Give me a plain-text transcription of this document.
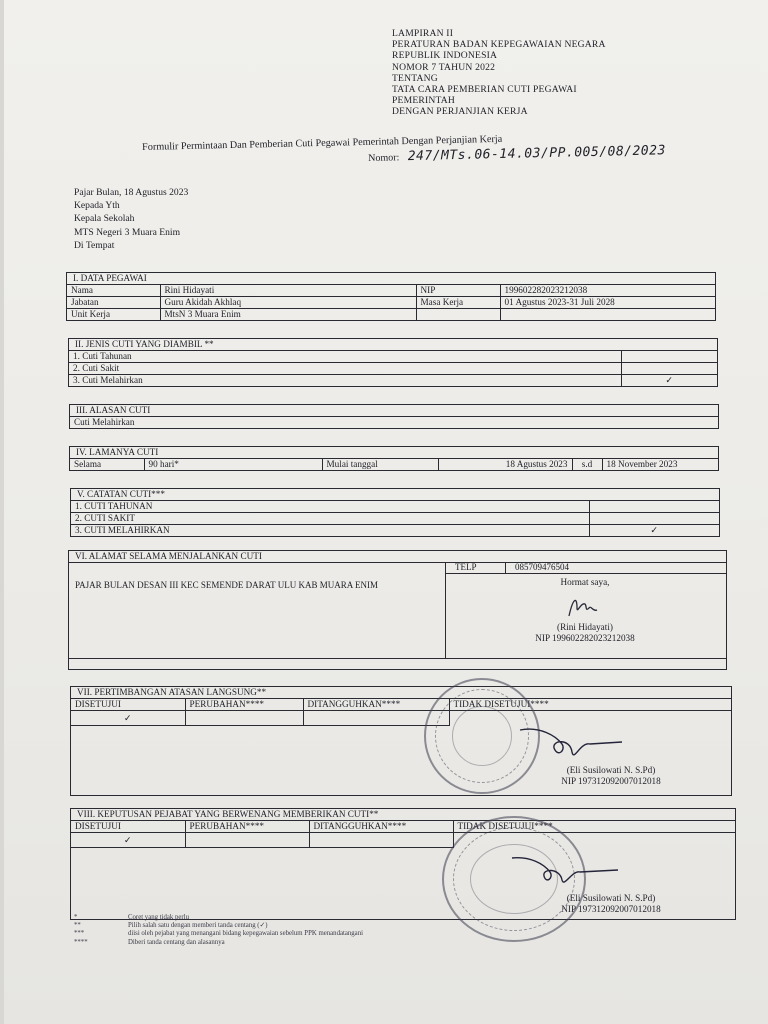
LAMPIRAN II
PERATURAN BADAN KEPEGAWAIAN NEGARA
REPUBLIK INDONESIA
NOMOR 7 TAHUN 2022
TENTANG
TATA CARA PEMBERIAN CUTI PEGAWAI
PEMERINTAH
DENGAN PERJANJIAN KERJA
Formulir Permintaan Dan Pemberian Cuti Pegawai Pemerintah Dengan Perjanjian Kerja
Nomor: 247/MTs.06-14.03/PP.005/08/2023
Pajar Bulan, 18 Agustus 2023
Kepada Yth
Kepala Sekolah
MTS Negeri 3 Muara Enim
Di Tempat
I. DATA PEGAWAI
Nama	Rini Hidayati	NIP	199602282023212038
Jabatan	Guru Akidah Akhlaq	Masa Kerja	01 Agustus 2023-31 Juli 2028
Unit Kerja	MtsN 3 Muara Enim		
II. JENIS CUTI YANG DIAMBIL **
1. Cuti Tahunan	
2. Cuti Sakit	
3. Cuti Melahirkan	✓
III. ALASAN CUTI
Cuti Melahirkan
IV. LAMANYA CUTI
Selama	90 hari*	Mulai tanggal	18 Agustus 2023	s.d	18 November 2023
V. CATATAN CUTI***
1. CUTI TAHUNAN	
2. CUTI SAKIT	
3. CUTI MELAHIRKAN	✓
VI. ALAMAT SELAMA MENJALANKAN CUTI
TELP	085709476504
PAJAR BULAN DESAN III KEC SEMENDE DARAT ULU KAB MUARA ENIM	Hormat saya,
(Rini Hidayati)
NIP 199602282023212038
VII. PERTIMBANGAN ATASAN LANGSUNG**
DISETUJUI	PERUBAHAN****	DITANGGUHKAN****	TIDAK DISETUJUI****
✓			
(Eli Susilowati N. S.Pd)
NIP 197312092007012018
VIII. KEPUTUSAN PEJABAT YANG BERWENANG MEMBERIKAN CUTI**
DISETUJUI	PERUBAHAN****	DITANGGUHKAN****	TIDAK DISETUJUI****
✓			
(Eli Susilowati N. S.Pd)
NIP 197312092007012018
*	Coret yang tidak perlu
**	Pilih salah satu dengan memberi tanda centang (✓)
***	diisi oleh pejabat yang menangani bidang kepegawaian sebelum PPK menandatangani
****	Diberi tanda centang dan alasannya
